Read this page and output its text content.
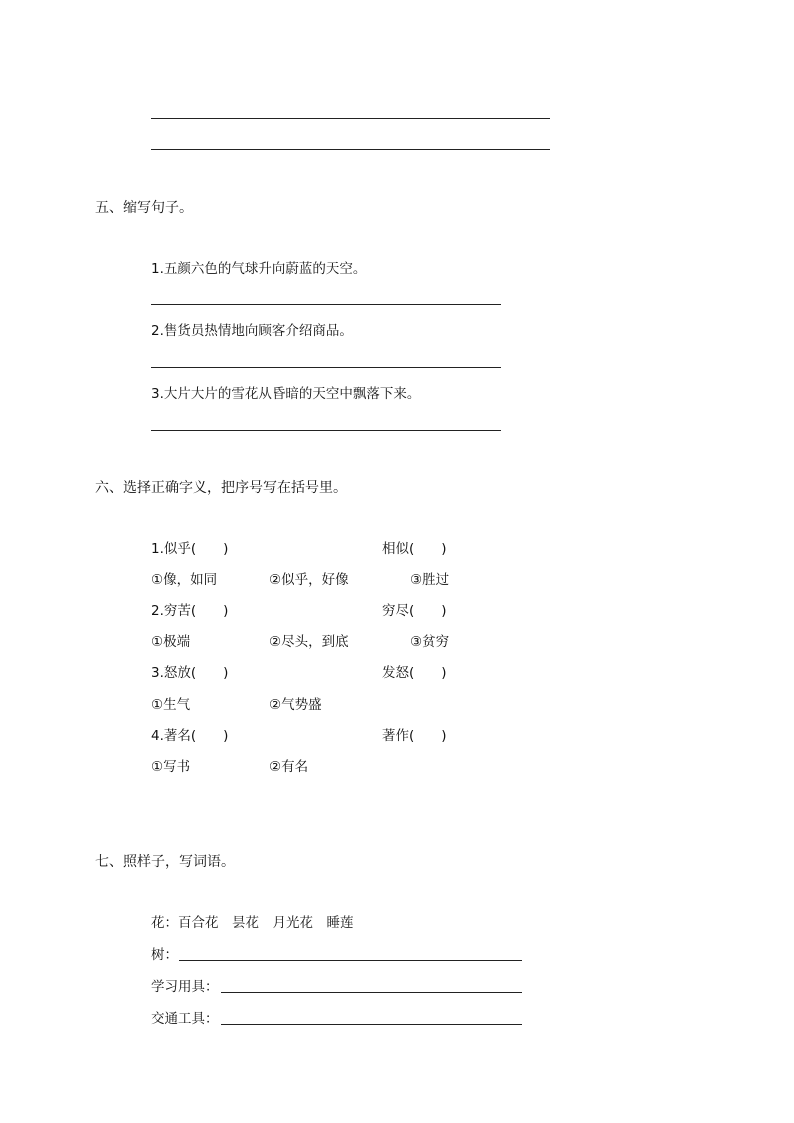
五、缩写句子。
1.五颜六色的气球升向蔚蓝的天空。
2.售货员热情地向顾客介绍商品。
3.大片大片的雪花从昏暗的天空中飘落下来。
六、选择正确字义，把序号写在括号里。
1.似乎(　　)	相似(　　)
①像，如同	②似乎，好像	③胜过
2.穷苦(　　)	穷尽(　　)
①极端	②尽头，到底	③贫穷
3.怒放(　　)	发怒(　　)
①生气	②气势盛
4.著名(　　)	著作(　　)
①写书	②有名
七、照样子，写词语。
花：百合花　昙花　月光花　睡莲
树：
学习用具：
交通工具：
